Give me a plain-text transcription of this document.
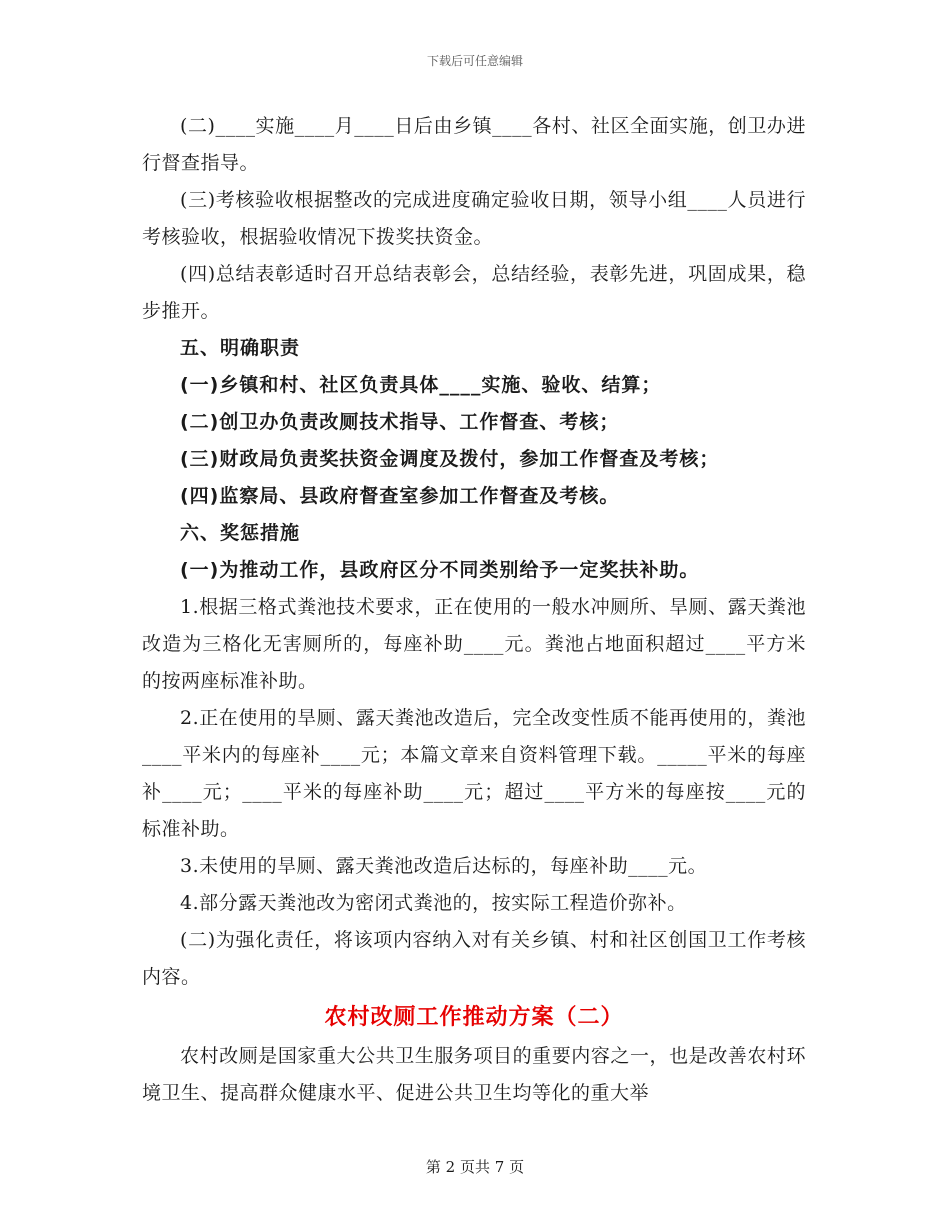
下载后可任意编辑

(二)____实施____月____日后由乡镇____各村、社区全面实施，创卫办进行督查指导。

(三)考核验收根据整改的完成进度确定验收日期，领导小组____人员进行考核验收，根据验收情况下拨奖扶资金。

(四)总结表彰适时召开总结表彰会，总结经验，表彰先进，巩固成果，稳步推开。

五、明确职责

(一)乡镇和村、社区负责具体____实施、验收、结算；

(二)创卫办负责改厕技术指导、工作督查、考核；

(三)财政局负责奖扶资金调度及拨付，参加工作督查及考核；

(四)监察局、县政府督查室参加工作督查及考核。

六、奖惩措施

(一)为推动工作，县政府区分不同类别给予一定奖扶补助。

1.根据三格式粪池技术要求，正在使用的一般水冲厕所、旱厕、露天粪池改造为三格化无害厕所的，每座补助____元。粪池占地面积超过____平方米的按两座标准补助。

2.正在使用的旱厕、露天粪池改造后，完全改变性质不能再使用的，粪池____平米内的每座补____元；本篇文章来自资料管理下载。_____平米的每座补____元；____平米的每座补助____元；超过____平方米的每座按____元的标准补助。

3.未使用的旱厕、露天粪池改造后达标的，每座补助____元。

4.部分露天粪池改为密闭式粪池的，按实际工程造价弥补。

(二)为强化责任，将该项内容纳入对有关乡镇、村和社区创国卫工作考核内容。

农村改厕工作推动方案（二）

农村改厕是国家重大公共卫生服务项目的重要内容之一，也是改善农村环境卫生、提高群众健康水平、促进公共卫生均等化的重大举

第 2 页共 7 页
